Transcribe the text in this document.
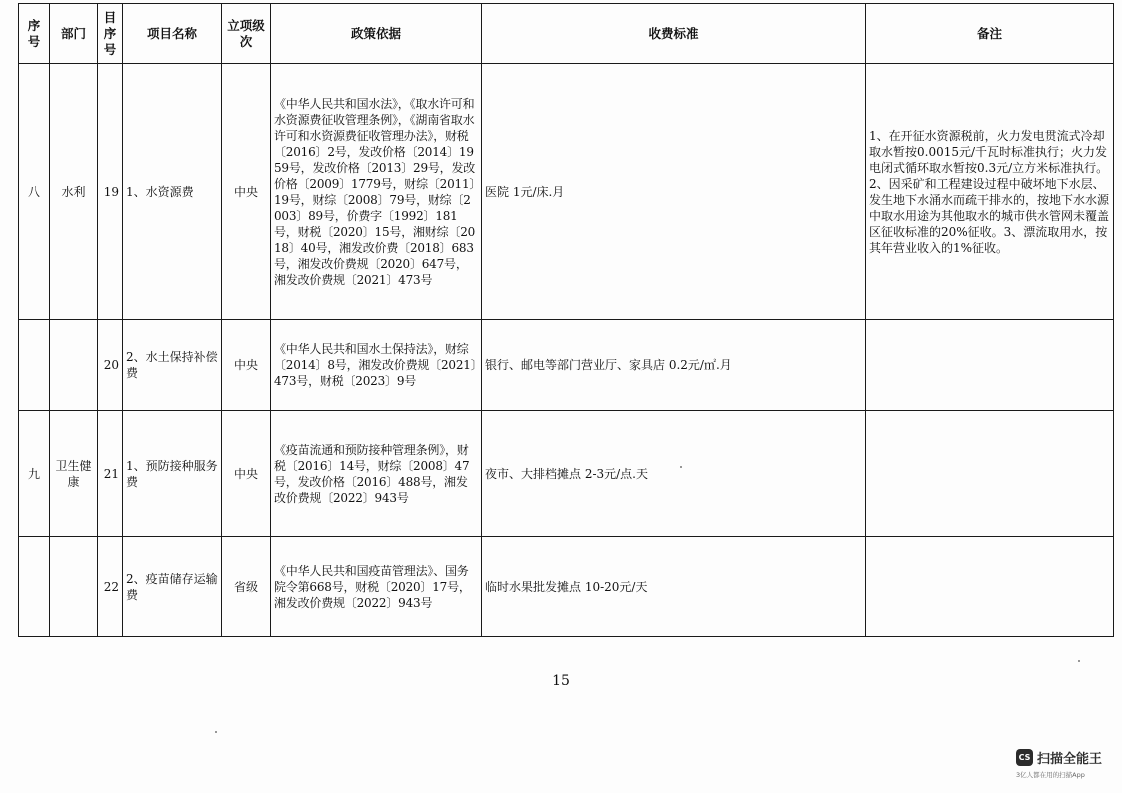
序号	部门	目序号	项目名称	立项级次	政策依据	收费标准	备注
八	水利	19	1、水资源费	中央	《中华人民共和国水法》，《取水许可和水资源费征收管理条例》，《湖南省取水许可和水资源费征收管理办法》，财税〔2016〕2号，发改价格〔2014〕1959号，发改价格〔2013〕29号，发改价格〔2009〕1779号，财综〔2011〕19号，财综〔2008〕79号，财综〔2003〕89号，价费字〔1992〕181号，财税〔2020〕15号，湘财综〔2018〕40号，湘发改价费〔2018〕683号，湘发改价费规〔2020〕647号，湘发改价费规〔2021〕473号	医院 1元/床.月	1、在开征水资源税前，火力发电贯流式冷却取水暂按0.0015元/千瓦时标准执行；火力发电闭式循环取水暂按0.3元/立方米标准执行。2、因采矿和工程建设过程中破坏地下水层、发生地下水涌水而疏干排水的，按地下水水源中取水用途为其他取水的城市供水管网未覆盖区征收标准的20%征收。3、漂流取用水，按其年营业收入的1%征收。
		20	2、水土保持补偿费	中央	《中华人民共和国水土保持法》，财综〔2014〕8号，湘发改价费规〔2021〕473号，财税〔2023〕9号	银行、邮电等部门营业厅、家具店 0.2元/㎡.月	
九	卫生健康	21	1、预防接种服务费	中央	《疫苗流通和预防接种管理条例》，财税〔2016〕14号，财综〔2008〕47号，发改价格〔2016〕488号，湘发改价费规〔2022〕943号	夜市、大排档摊点 2-3元/点.天	
		22	2、疫苗储存运输费	省级	《中华人民共和国疫苗管理法》、国务院令第668号，财税〔2020〕17号，湘发改价费规〔2022〕943号	临时水果批发摊点 10-20元/天	
15
CS 扫描全能王
3亿人都在用的扫描App
